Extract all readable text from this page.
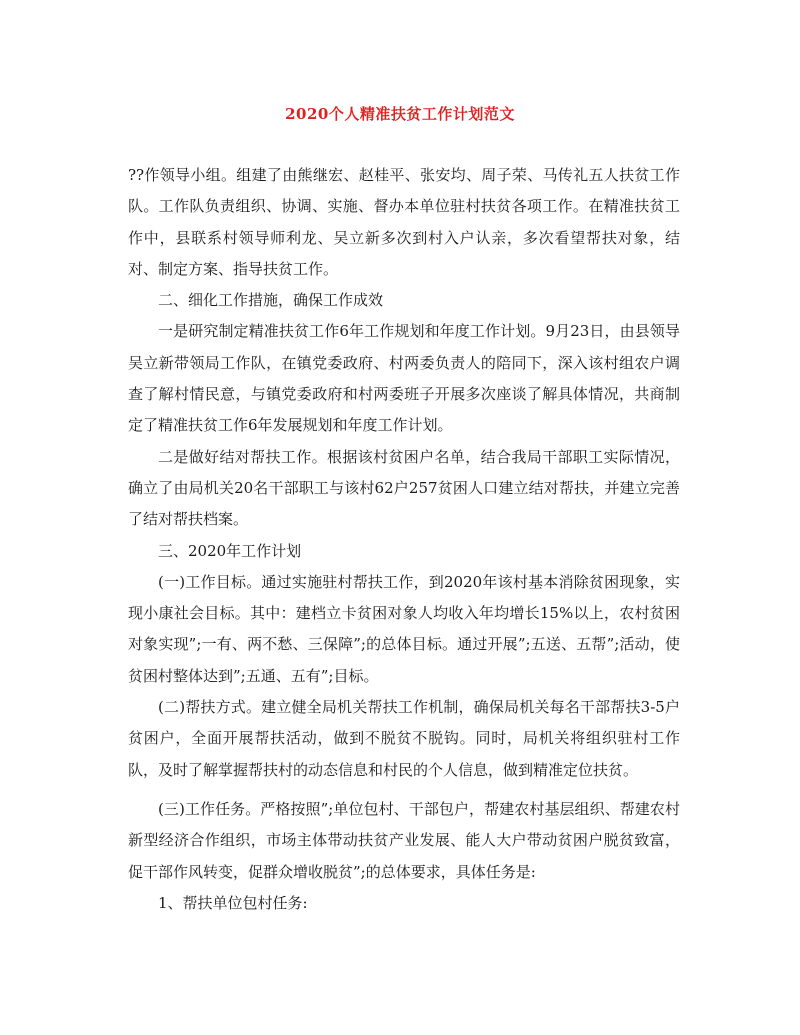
2020个人精准扶贫工作计划范文

??作领导小组。组建了由熊继宏、赵桂平、张安均、周子荣、马传礼五人扶贫工作队。工作队负责组织、协调、实施、督办本单位驻村扶贫各项工作。在精准扶贫工作中，县联系村领导师利龙、吴立新多次到村入户认亲，多次看望帮扶对象，结对、制定方案、指导扶贫工作。

二、细化工作措施，确保工作成效

一是研究制定精准扶贫工作6年工作规划和年度工作计划。9月23日，由县领导吴立新带领局工作队，在镇党委政府、村两委负责人的陪同下，深入该村组农户调查了解村情民意，与镇党委政府和村两委班子开展多次座谈了解具体情况，共商制定了精准扶贫工作6年发展规划和年度工作计划。

二是做好结对帮扶工作。根据该村贫困户名单，结合我局干部职工实际情况，确立了由局机关20名干部职工与该村62户257贫困人口建立结对帮扶，并建立完善了结对帮扶档案。

三、2020年工作计划

(一)工作目标。通过实施驻村帮扶工作，到2020年该村基本消除贫困现象，实现小康社会目标。其中：建档立卡贫困对象人均收入年均增长15%以上，农村贫困对象实现”;一有、两不愁、三保障”;的总体目标。通过开展”;五送、五帮”;活动，使贫困村整体达到”;五通、五有”;目标。

(二)帮扶方式。建立健全局机关帮扶工作机制，确保局机关每名干部帮扶3-5户贫困户，全面开展帮扶活动，做到不脱贫不脱钩。同时，局机关将组织驻村工作队，及时了解掌握帮扶村的动态信息和村民的个人信息，做到精准定位扶贫。

(三)工作任务。严格按照”;单位包村、干部包户，帮建农村基层组织、帮建农村新型经济合作组织，市场主体带动扶贫产业发展、能人大户带动贫困户脱贫致富，促干部作风转变，促群众增收脱贫”;的总体要求，具体任务是:

1、帮扶单位包村任务:
